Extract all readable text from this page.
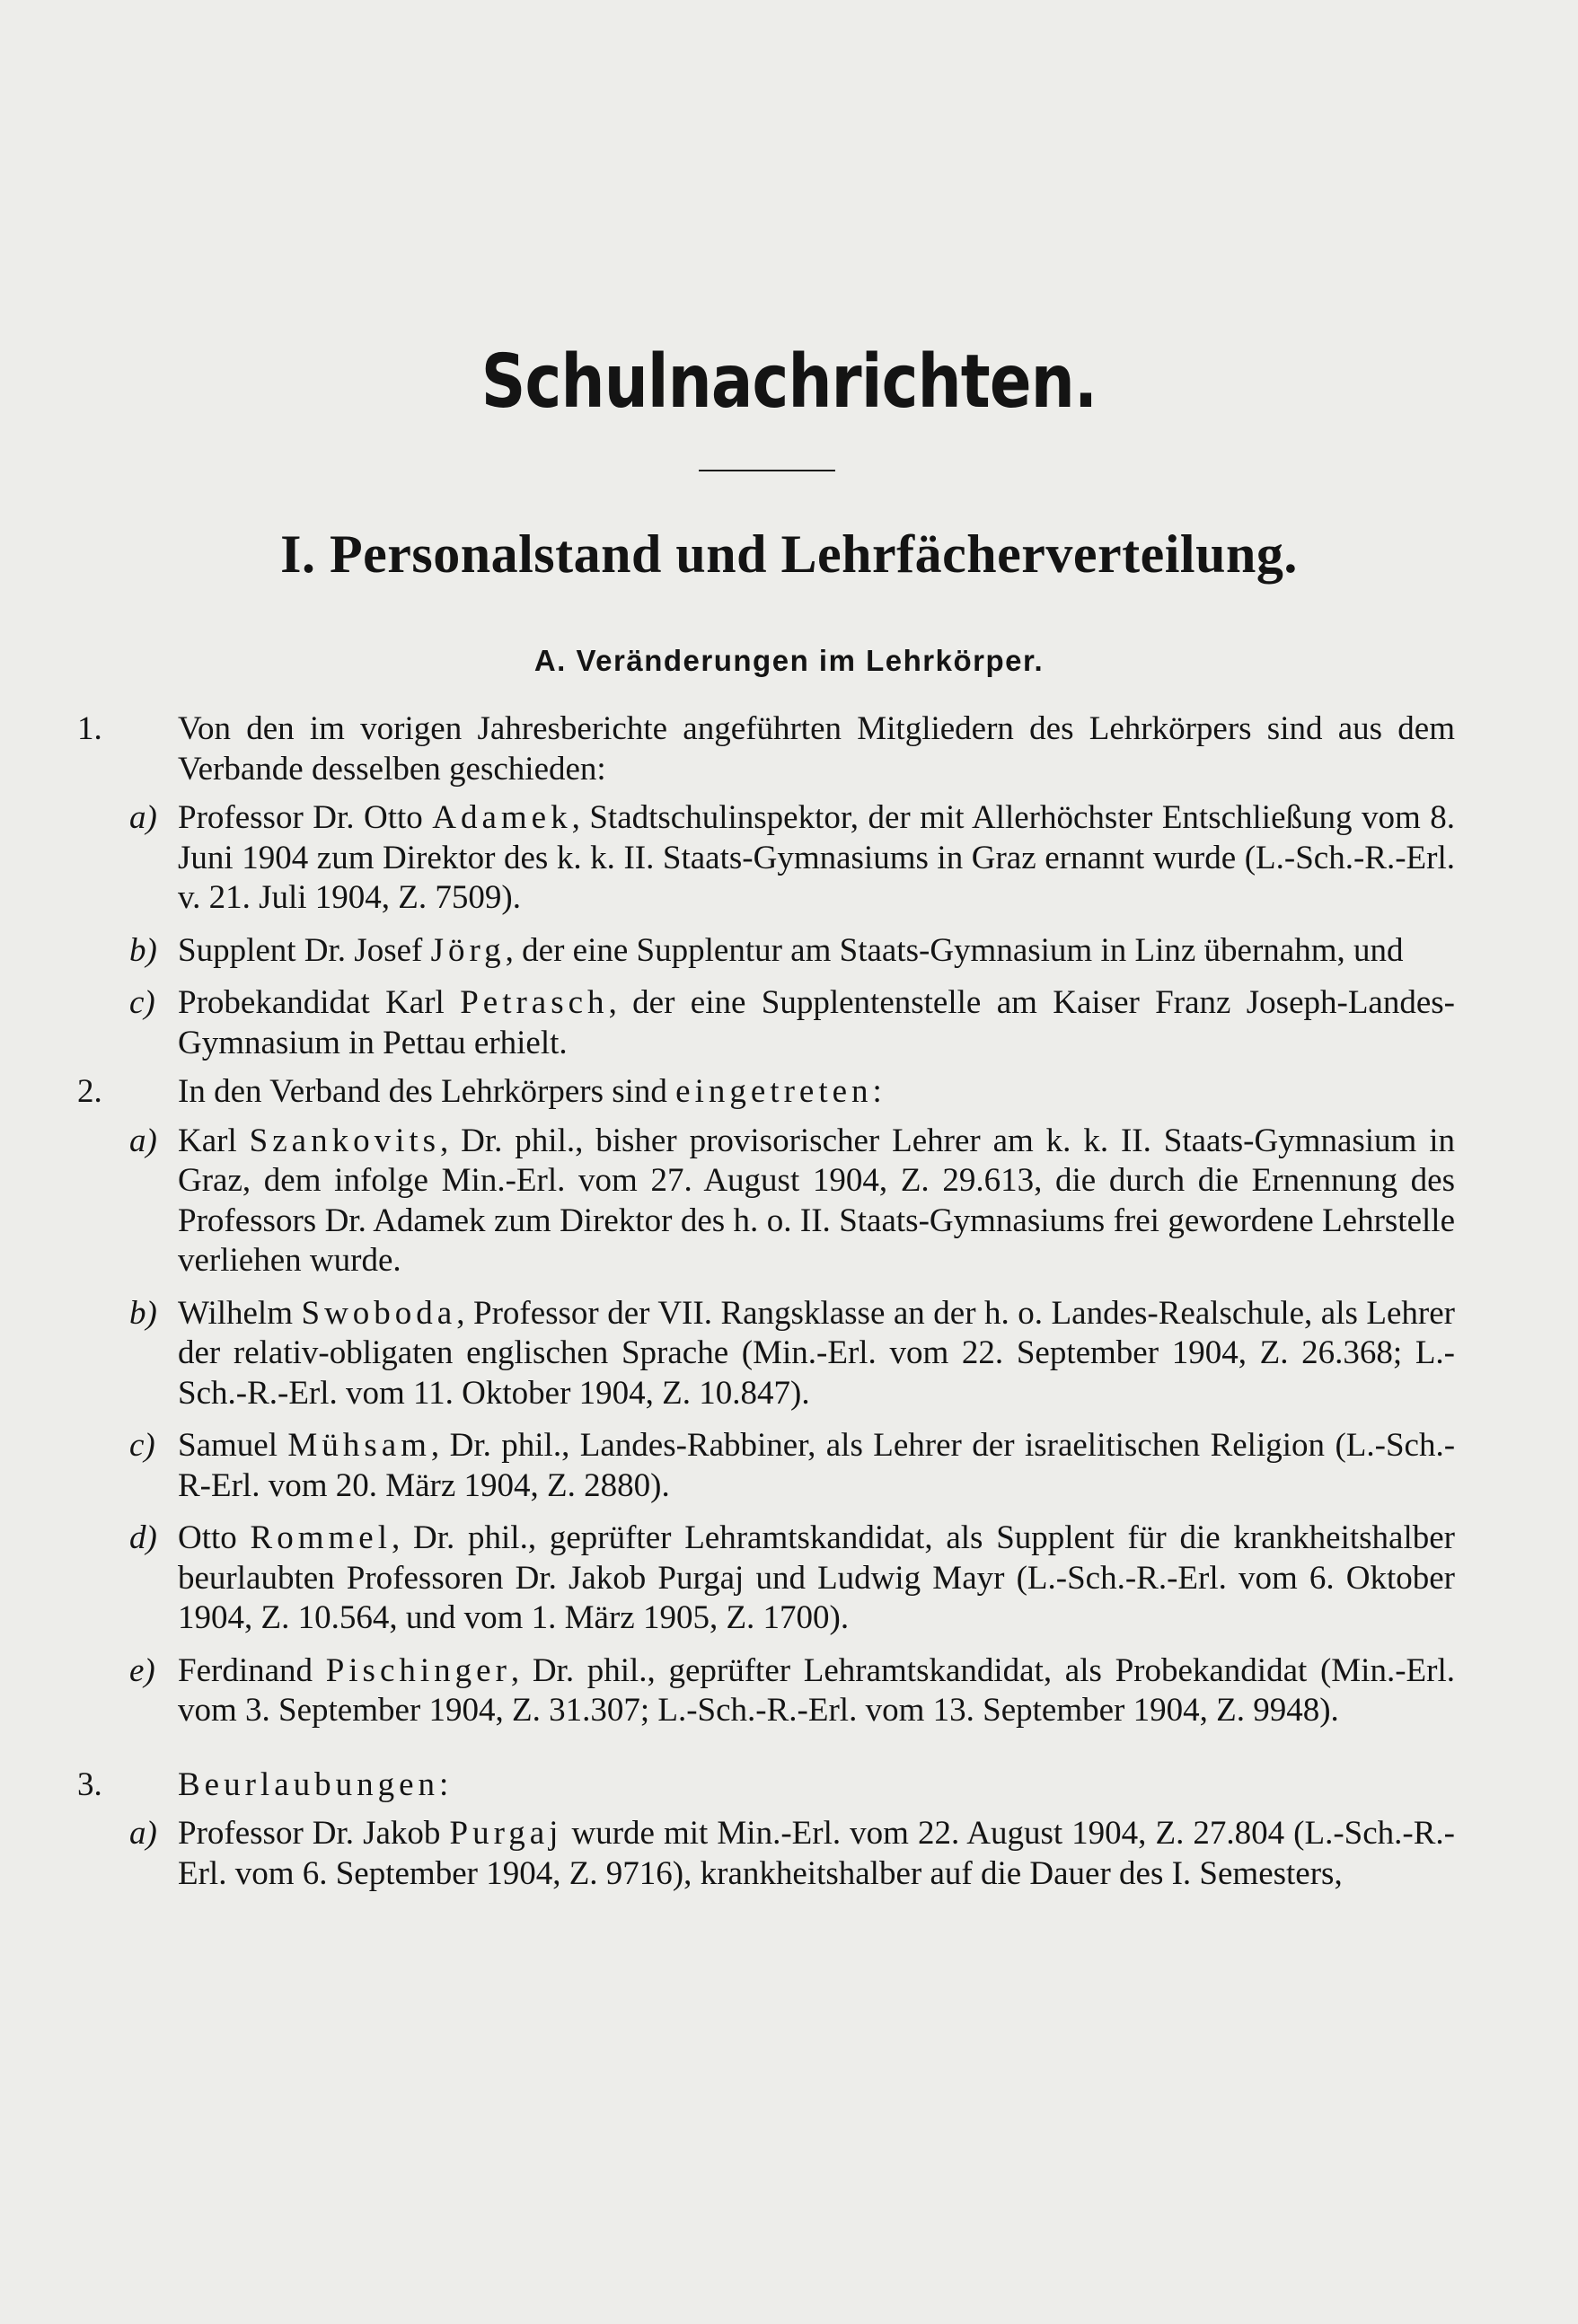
Schulnachrichten.
I. Personalstand und Lehrfächerverteilung.
A. Veränderungen im Lehrkörper.
1. Von den im vorigen Jahresberichte angeführten Mitgliedern des Lehrkörpers sind aus dem Verbande desselben geschieden:
a) Professor Dr. Otto Adamek, Stadtschulinspektor, der mit Allerhöchster Entschließung vom 8. Juni 1904 zum Direktor des k. k. II. Staats-Gymnasiums in Graz ernannt wurde (L.-Sch.-R.-Erl. v. 21. Juli 1904, Z. 7509).
b) Supplent Dr. Josef Jörg, der eine Supplentur am Staats-Gymnasium in Linz übernahm, und
c) Probekandidat Karl Petrasch, der eine Supplentenstelle am Kaiser Franz Joseph-Landes-Gymnasium in Pettau erhielt.
2. In den Verband des Lehrkörpers sind eingetreten:
a) Karl Szankovits, Dr. phil., bisher provisorischer Lehrer am k. k. II. Staats-Gymnasium in Graz, dem infolge Min.-Erl. vom 27. August 1904, Z. 29.613, die durch die Ernennung des Professors Dr. Adamek zum Direktor des h. o. II. Staats-Gymnasiums frei gewordene Lehrstelle verliehen wurde.
b) Wilhelm Swoboda, Professor der VII. Rangsklasse an der h. o. Landes-Realschule, als Lehrer der relativ-obligaten englischen Sprache (Min.-Erl. vom 22. September 1904, Z. 26.368; L.-Sch.-R.-Erl. vom 11. Oktober 1904, Z. 10.847).
c) Samuel Mühsam, Dr. phil., Landes-Rabbiner, als Lehrer der israelitischen Religion (L.-Sch.-R-Erl. vom 20. März 1904, Z. 2880).
d) Otto Rommel, Dr. phil., geprüfter Lehramtskandidat, als Supplent für die krankheitshalber beurlaubten Professoren Dr. Jakob Purgaj und Ludwig Mayr (L.-Sch.-R.-Erl. vom 6. Oktober 1904, Z. 10.564, und vom 1. März 1905, Z. 1700).
e) Ferdinand Pischinger, Dr. phil., geprüfter Lehramtskandidat, als Probekandidat (Min.-Erl. vom 3. September 1904, Z. 31.307; L.-Sch.-R.-Erl. vom 13. September 1904, Z. 9948).
3. Beurlaubungen:
a) Professor Dr. Jakob Purgaj wurde mit Min.-Erl. vom 22. August 1904, Z. 27.804 (L.-Sch.-R.-Erl. vom 6. September 1904, Z. 9716), krankheitshalber auf die Dauer des I. Semesters,
